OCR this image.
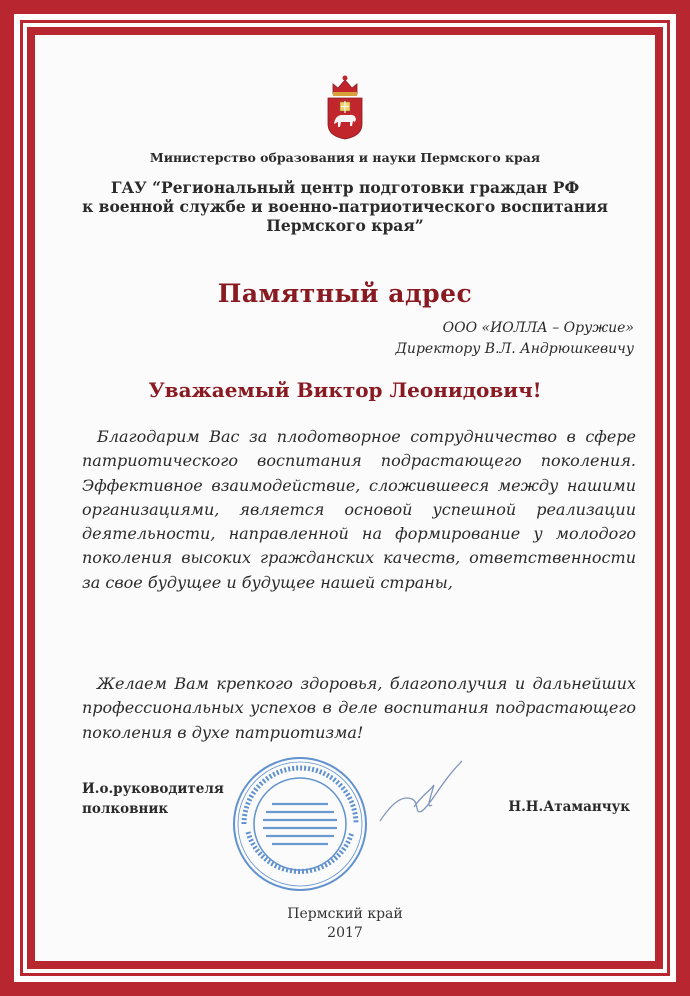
Министерство образования и науки Пермского края
ГАУ “Региональный центр подготовки граждан РФ
к военной службе и военно-патриотического воспитания
Пермского края”
Памятный адрес
ООО «ИОЛЛА – Оружие»
Директору В.Л. Андрюшкевичу
Уважаемый Виктор Леонидович!
Благодарим Вас за плодотворное сотрудничество в сфере патриотического воспитания подрастающего поколения. Эффективное взаимодействие, сложившееся между нашими организациями, является основой успешной реализации деятельности, направленной на формирование у молодого поколения высоких гражданских качеств, ответственности за свое будущее и будущее нашей страны,
Желаем Вам крепкого здоровья, благополучия и дальнейших профессиональных успехов в деле воспитания подрастающего поколения в духе патриотизма!
И.о.руководителя
полковник	Н.Н.Атаманчук
Пермский край
2017
